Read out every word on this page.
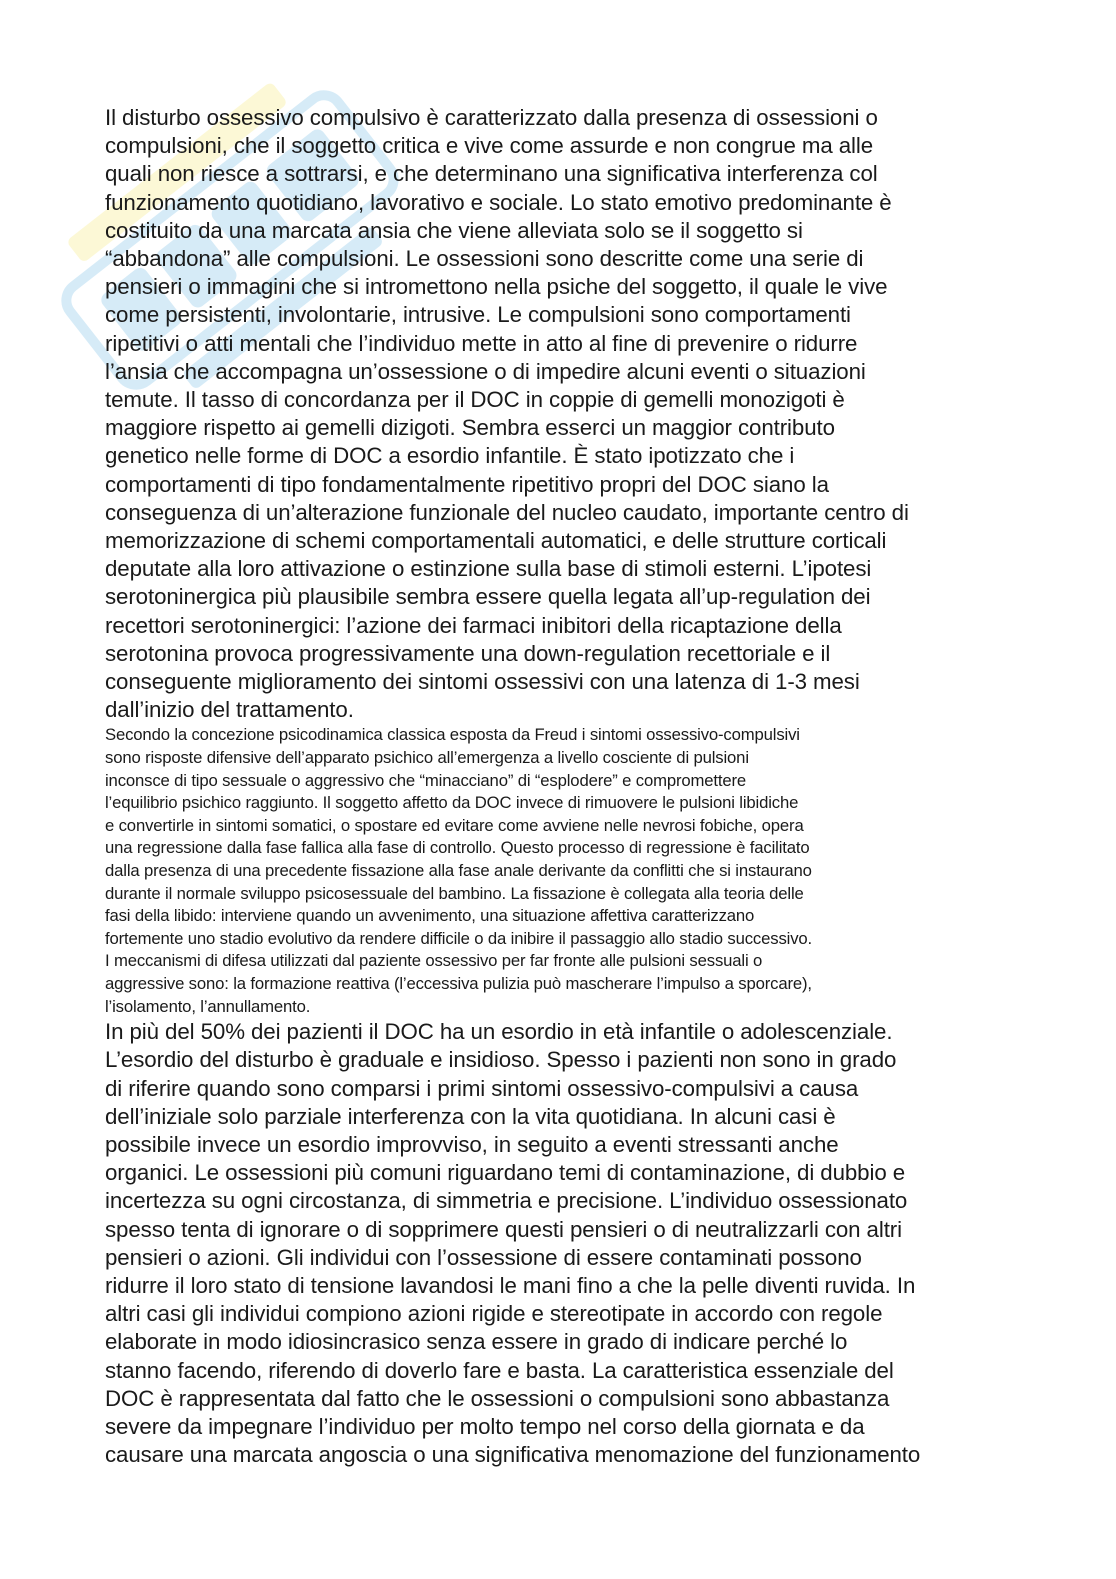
Il disturbo ossessivo compulsivo è caratterizzato dalla presenza di ossessioni o
compulsioni, che il soggetto critica e vive come assurde e non congrue ma alle
quali non riesce a sottrarsi, e che determinano una significativa interferenza col
funzionamento quotidiano, lavorativo e sociale. Lo stato emotivo predominante è
costituito da una marcata ansia che viene alleviata solo se il soggetto si
“abbandona” alle compulsioni. Le ossessioni sono descritte come una serie di
pensieri o immagini che si intromettono nella psiche del soggetto, il quale le vive
come persistenti, involontarie, intrusive. Le compulsioni sono comportamenti
ripetitivi o atti mentali che l’individuo mette in atto al fine di prevenire o ridurre
l’ansia che accompagna un’ossessione o di impedire alcuni eventi o situazioni
temute. Il tasso di concordanza per il DOC in coppie di gemelli monozigoti è
maggiore rispetto ai gemelli dizigoti. Sembra esserci un maggior contributo
genetico nelle forme di DOC a esordio infantile. È stato ipotizzato che i
comportamenti di tipo fondamentalmente ripetitivo propri del DOC siano la
conseguenza di un’alterazione funzionale del nucleo caudato, importante centro di
memorizzazione di schemi comportamentali automatici, e delle strutture corticali
deputate alla loro attivazione o estinzione sulla base di stimoli esterni. L’ipotesi
serotoninergica più plausibile sembra essere quella legata all’up-regulation dei
recettori serotoninergici: l’azione dei farmaci inibitori della ricaptazione della
serotonina provoca progressivamente una down-regulation recettoriale e il
conseguente miglioramento dei sintomi ossessivi con una latenza di 1-3 mesi
dall’inizio del trattamento.

Secondo la concezione psicodinamica classica esposta da Freud i sintomi ossessivo-compulsivi
sono risposte difensive dell’apparato psichico all’emergenza a livello cosciente di pulsioni
inconsce di tipo sessuale o aggressivo che “minacciano” di “esplodere” e compromettere
l’equilibrio psichico raggiunto. Il soggetto affetto da DOC invece di rimuovere le pulsioni libidiche
e convertirle in sintomi somatici, o spostare ed evitare come avviene nelle nevrosi fobiche, opera
una regressione dalla fase fallica alla fase di controllo. Questo processo di regressione è facilitato
dalla presenza di una precedente fissazione alla fase anale derivante da conflitti che si instaurano
durante il normale sviluppo psicosessuale del bambino. La fissazione è collegata alla teoria delle
fasi della libido: interviene quando un avvenimento, una situazione affettiva caratterizzano
fortemente uno stadio evolutivo da rendere difficile o da inibire il passaggio allo stadio successivo.
I meccanismi di difesa utilizzati dal paziente ossessivo per far fronte alle pulsioni sessuali o
aggressive sono: la formazione reattiva (l’eccessiva pulizia può mascherare l’impulso a sporcare),
l’isolamento, l’annullamento.

In più del 50% dei pazienti il DOC ha un esordio in età infantile o adolescenziale.
L’esordio del disturbo è graduale e insidioso. Spesso i pazienti non sono in grado
di riferire quando sono comparsi i primi sintomi ossessivo-compulsivi a causa
dell’iniziale solo parziale interferenza con la vita quotidiana. In alcuni casi è
possibile invece un esordio improvviso, in seguito a eventi stressanti anche
organici. Le ossessioni più comuni riguardano temi di contaminazione, di dubbio e
incertezza su ogni circostanza, di simmetria e precisione. L’individuo ossessionato
spesso tenta di ignorare o di sopprimere questi pensieri o di neutralizzarli con altri
pensieri o azioni. Gli individui con l’ossessione di essere contaminati possono
ridurre il loro stato di tensione lavandosi le mani fino a che la pelle diventi ruvida. In
altri casi gli individui compiono azioni rigide e stereotipate in accordo con regole
elaborate in modo idiosincrasico senza essere in grado di indicare perché lo
stanno facendo, riferendo di doverlo fare e basta. La caratteristica essenziale del
DOC è rappresentata dal fatto che le ossessioni o compulsioni sono abbastanza
severe da impegnare l’individuo per molto tempo nel corso della giornata e da
causare una marcata angoscia o una significativa menomazione del funzionamento
